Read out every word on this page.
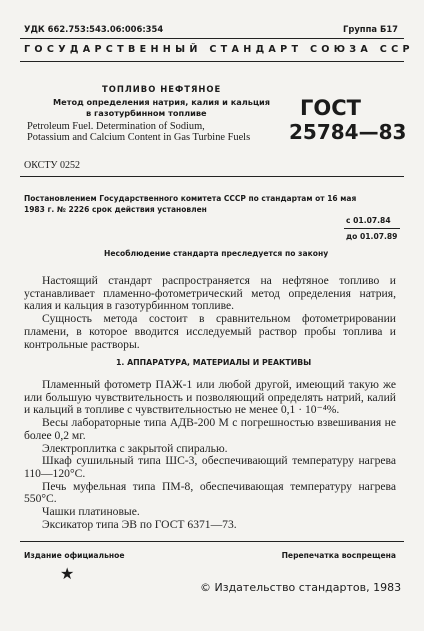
УДК 662.753:543.06:006:354	Группа Б17
ГОСУДАРСТВЕННЫЙ СТАНДАРТ СОЮЗА ССР
ТОПЛИВО НЕФТЯНОЕ
Метод определения натрия, калия и кальция
в газотурбинном топливе
Petroleum Fuel. Determination of Sodium,
Potassium and Calcium Content in Gas Turbine Fuels
ГОСТ
25784—83
ОКСТУ 0252
Постановлением Государственного комитета СССР по стандартам от 16 мая
1983 г. № 2226 срок действия установлен
с 01.07.84
до 01.07.89
Несоблюдение стандарта преследуется по закону

Настоящий стандарт распространяется на нефтяное топливо и устанавливает пламенно-фотометрический метод определения натрия, калия и кальция в газотурбинном топливе.

Сущность метода состоит в сравнительном фотометрировании пламени, в которое вводится исследуемый раствор пробы топлива и контрольные растворы.

1. АППАРАТУРА, МАТЕРИАЛЫ И РЕАКТИВЫ

Пламенный фотометр ПАЖ-1 или любой другой, имеющий такую же или большую чувствительность и позволяющий определять натрий, калий и кальций в топливе с чувствительностью не менее 0,1 · 10⁻⁴%.

Весы лабораторные типа АДВ-200 М с погрешностью взвешивания не более 0,2 мг.

Электроплитка с закрытой спиралью.

Шкаф сушильный типа ШС-3, обеспечивающий температуру нагрева 110—120°С.

Печь муфельная типа ПМ-8, обеспечивающая температуру нагрева 550°С.

Чашки платиновые.

Эксикатор типа ЭВ по ГОСТ 6371—73.

Издание официальное	Перепечатка воспрещена
★
© Издательство стандартов, 1983
